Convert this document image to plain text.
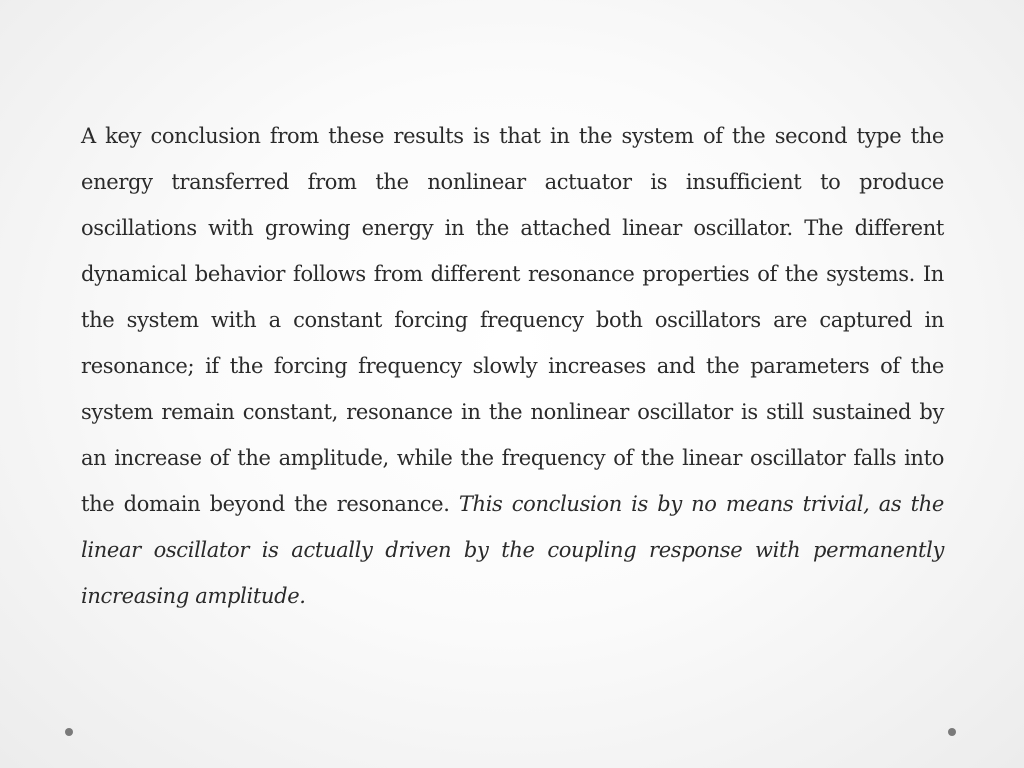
A key conclusion from these results is that in the system of the second type the energy transferred from the nonlinear actuator is insufficient to produce oscillations with growing energy in the attached linear oscillator. The different dynamical behavior follows from different resonance properties of the systems. In the system with a constant forcing frequency both oscillators are captured in resonance; if the forcing frequency slowly increases and the parameters of the system remain constant, resonance in the nonlinear oscillator is still sustained by an increase of the amplitude, while the frequency of the linear oscillator falls into the domain beyond the resonance. This conclusion is by no means trivial, as the linear oscillator is actually driven by the coupling response with permanently increasing amplitude.
